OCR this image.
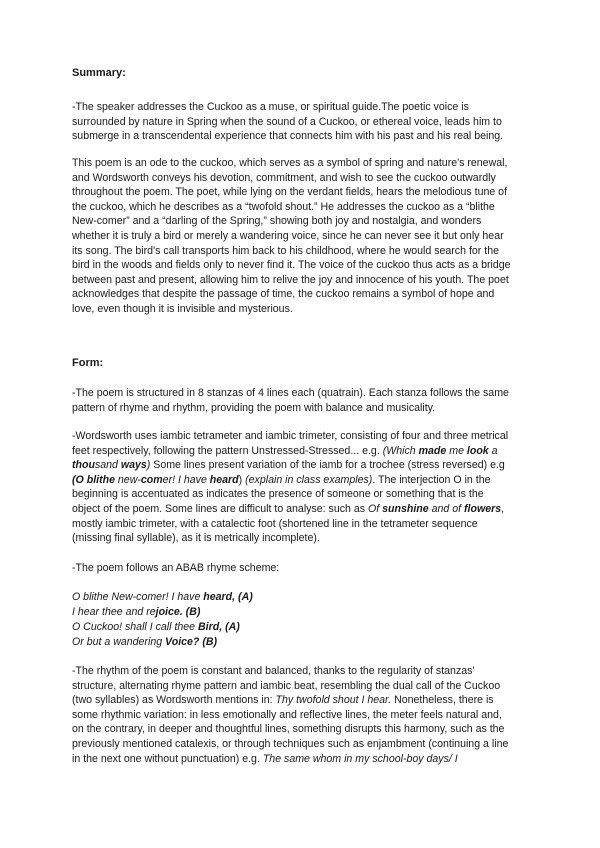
Summary:
-The speaker addresses the Cuckoo as a muse, or spiritual guide.The poetic voice is surrounded by nature in Spring when the sound of a Cuckoo, or ethereal voice, leads him to submerge in a transcendental experience that connects him with his past and his real being.
This poem is an ode to the cuckoo, which serves as a symbol of spring and nature's renewal, and Wordsworth conveys his devotion, commitment, and wish to see the cuckoo outwardly throughout the poem. The poet, while lying on the verdant fields, hears the melodious tune of the cuckoo, which he describes as a “twofold shout.” He addresses the cuckoo as a “blithe New-comer” and a “darling of the Spring,” showing both joy and nostalgia, and wonders whether it is truly a bird or merely a wandering voice, since he can never see it but only hear its song. The bird's call transports him back to his childhood, where he would search for the bird in the woods and fields only to never find it. The voice of the cuckoo thus acts as a bridge between past and present, allowing him to relive the joy and innocence of his youth. The poet acknowledges that despite the passage of time, the cuckoo remains a symbol of hope and love, even though it is invisible and mysterious.
Form:
-The poem is structured in 8 stanzas of 4 lines each (quatrain). Each stanza follows the same pattern of rhyme and rhythm, providing the poem with balance and musicality.
-Wordsworth uses iambic tetrameter and iambic trimeter, consisting of four and three metrical feet respectively, following the pattern Unstressed-Stressed... e.g. (Which made me look a thousand ways) Some lines present variation of the iamb for a trochee (stress reversed) e.g (O blithe new-comer! I have heard) (explain in class examples). The interjection O in the beginning is accentuated as indicates the presence of someone or something that is the object of the poem. Some lines are difficult to analyse: such as Of sunshine and of flowers, mostly iambic trimeter, with a catalectic foot (shortened line in the tetrameter sequence (missing final syllable), as it is metrically incomplete).
-The poem follows an ABAB rhyme scheme:
O blithe New-comer! I have heard, (A)
I hear thee and rejoice. (B)
O Cuckoo! shall I call thee Bird, (A)
Or but a wandering Voice? (B)
-The rhythm of the poem is constant and balanced, thanks to the regularity of stanzas' structure, alternating rhyme pattern and iambic beat, resembling the dual call of the Cuckoo (two syllables) as Wordsworth mentions in: Thy twofold shout I hear. Nonetheless, there is some rhythmic variation: in less emotionally and reflective lines, the meter feels natural and, on the contrary, in deeper and thoughtful lines, something disrupts this harmony, such as the previously mentioned catalexis, or through techniques such as enjambment (continuing a line in the next one without punctuation) e.g. The same whom in my school-boy days/ I
